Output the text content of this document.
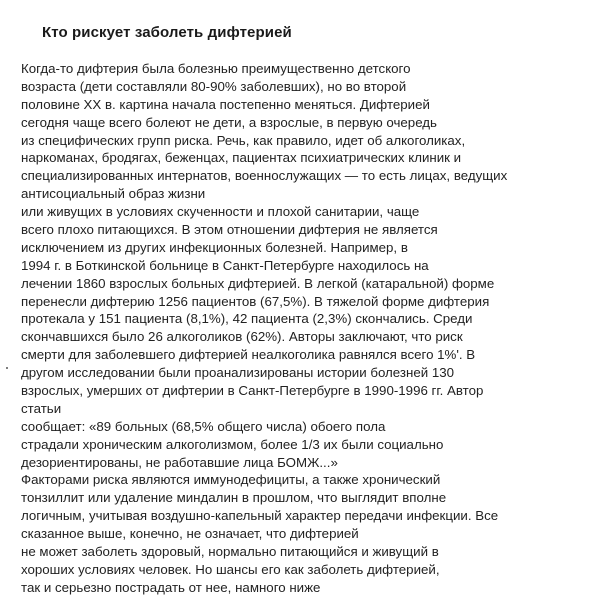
Кто рискует заболеть дифтерией
Когда-то дифтерия была болезнью преимущественно детского
возраста (дети составляли 80-90% заболевших), но во второй
половине ХХ в. картина начала постепенно меняться. Дифтерией
сегодня чаще всего болеют не дети, а взрослые, в первую очередь
из специфических групп риска. Речь, как правило, идет об алкоголиках,
наркоманах, бродягах, беженцах, пациентах психиатрических клиник и
специализированных интернатов, военнослужащих — то есть лицах, ведущих
антисоциальный образ жизни
или живущих в условиях скученности и плохой санитарии, чаще
всего плохо питающихся. В этом отношении дифтерия не является
исключением из других инфекционных болезней. Например, в
1994 г. в Боткинской больнице в Санкт-Петербурге находилось на
лечении 1860 взрослых больных дифтерией. В легкой (катаральной) форме
перенесли дифтерию 1256 пациентов (67,5%). В тяжелой форме дифтерия
протекала у 151 пациента (8,1%), 42 пациента (2,3%) скончались. Среди
скончавшихся было 26 алкоголиков (62%). Авторы заключают, что риск
смерти для заболевшего дифтерией неалкоголика равнялся всего 1%'. В
другом исследовании были проанализированы истории болезней 130
взрослых, умерших от дифтерии в Санкт-Петербурге в 1990-1996 гг. Автор
статьи
сообщает: «89 больных (68,5% общего числа) обоего пола
страдали хроническим алкоголизмом, более 1/3 их были социально
дезориентированы, не работавшие лица БОМЖ...»
Факторами риска являются иммунодефициты, а также хронический
тонзиллит или удаление миндалин в прошлом, что выглядит вполне
логичным, учитывая воздушно-капельный характер передачи инфекции. Все
сказанное выше, конечно, не означает, что дифтерией
не может заболеть здоровый, нормально питающийся и живущий в
хороших условиях человек. Но шансы его как заболеть дифтерией,
так и серьезно пострадать от нее, намного ниже
